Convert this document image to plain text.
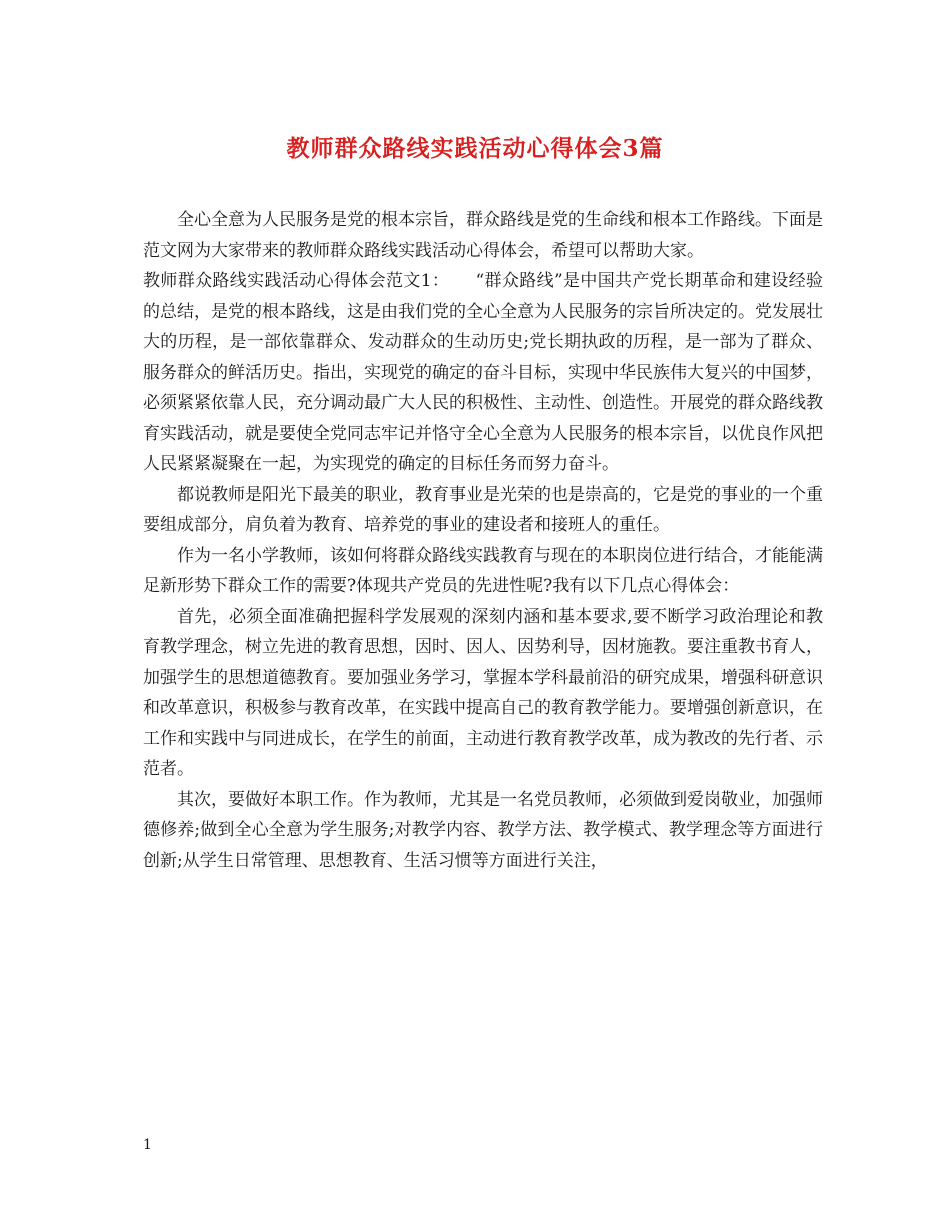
教师群众路线实践活动心得体会3篇

全心全意为人民服务是党的根本宗旨，群众路线是党的生命线和根本工作路线。下面是范文网为大家带来的教师群众路线实践活动心得体会，希望可以帮助大家。

教师群众路线实践活动心得体会范文1：　　“群众路线”是中国共产党长期革命和建设经验的总结，是党的根本路线，这是由我们党的全心全意为人民服务的宗旨所决定的。党发展壮大的历程，是一部依靠群众、发动群众的生动历史;党长期执政的历程，是一部为了群众、服务群众的鲜活历史。指出，实现党的确定的奋斗目标，实现中华民族伟大复兴的中国梦，必须紧紧依靠人民，充分调动最广大人民的积极性、主动性、创造性。开展党的群众路线教育实践活动，就是要使全党同志牢记并恪守全心全意为人民服务的根本宗旨，以优良作风把人民紧紧凝聚在一起，为实现党的确定的目标任务而努力奋斗。

都说教师是阳光下最美的职业，教育事业是光荣的也是崇高的，它是党的事业的一个重要组成部分，肩负着为教育、培养党的事业的建设者和接班人的重任。

作为一名小学教师，该如何将群众路线实践教育与现在的本职岗位进行结合，才能能满足新形势下群众工作的需要?体现共产党员的先进性呢?我有以下几点心得体会：

首先，必须全面准确把握科学发展观的深刻内涵和基本要求,要不断学习政治理论和教育教学理念，树立先进的教育思想，因时、因人、因势利导，因材施教。要注重教书育人，加强学生的思想道德教育。要加强业务学习，掌握本学科最前沿的研究成果，增强科研意识和改革意识，积极参与教育改革，在实践中提高自己的教育教学能力。要增强创新意识，在工作和实践中与同进成长，在学生的前面，主动进行教育教学改革，成为教改的先行者、示范者。

其次，要做好本职工作。作为教师，尤其是一名党员教师，必须做到爱岗敬业，加强师德修养;做到全心全意为学生服务;对教学内容、教学方法、教学模式、教学理念等方面进行创新;从学生日常管理、思想教育、生活习惯等方面进行关注，

1
